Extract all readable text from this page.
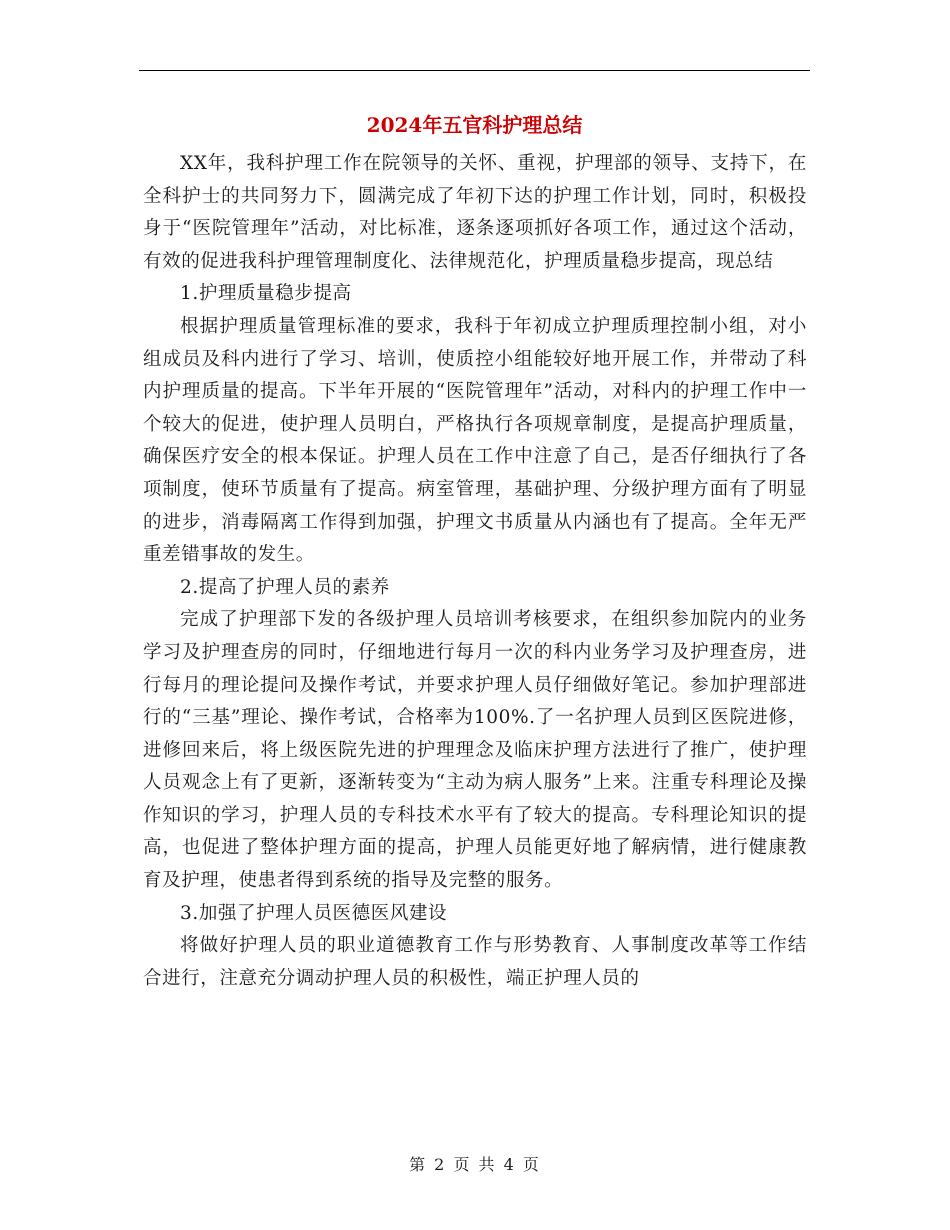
2024年五官科护理总结

XX年，我科护理工作在院领导的关怀、重视，护理部的领导、支持下，在全科护士的共同努力下，圆满完成了年初下达的护理工作计划，同时，积极投身于“医院管理年”活动，对比标准，逐条逐项抓好各项工作，通过这个活动，有效的促进我科护理管理制度化、法律规范化，护理质量稳步提高，现总结

1.护理质量稳步提高

根据护理质量管理标准的要求，我科于年初成立护理质理控制小组，对小组成员及科内进行了学习、培训，使质控小组能较好地开展工作，并带动了科内护理质量的提高。下半年开展的“医院管理年”活动，对科内的护理工作中一个较大的促进，使护理人员明白，严格执行各项规章制度，是提高护理质量，确保医疗安全的根本保证。护理人员在工作中注意了自己，是否仔细执行了各项制度，使环节质量有了提高。病室管理，基础护理、分级护理方面有了明显的进步，消毒隔离工作得到加强，护理文书质量从内涵也有了提高。全年无严重差错事故的发生。

2.提高了护理人员的素养

完成了护理部下发的各级护理人员培训考核要求，在组织参加院内的业务学习及护理查房的同时，仔细地进行每月一次的科内业务学习及护理查房，进行每月的理论提问及操作考试，并要求护理人员仔细做好笔记。参加护理部进行的“三基”理论、操作考试，合格率为100%.了一名护理人员到区医院进修，进修回来后，将上级医院先进的护理理念及临床护理方法进行了推广，使护理人员观念上有了更新，逐渐转变为“主动为病人服务”上来。注重专科理论及操作知识的学习，护理人员的专科技术水平有了较大的提高。专科理论知识的提高，也促进了整体护理方面的提高，护理人员能更好地了解病情，进行健康教育及护理，使患者得到系统的指导及完整的服务。

3.加强了护理人员医德医风建设

将做好护理人员的职业道德教育工作与形势教育、人事制度改革等工作结合进行，注意充分调动护理人员的积极性，端正护理人员的

第 2 页 共 4 页
